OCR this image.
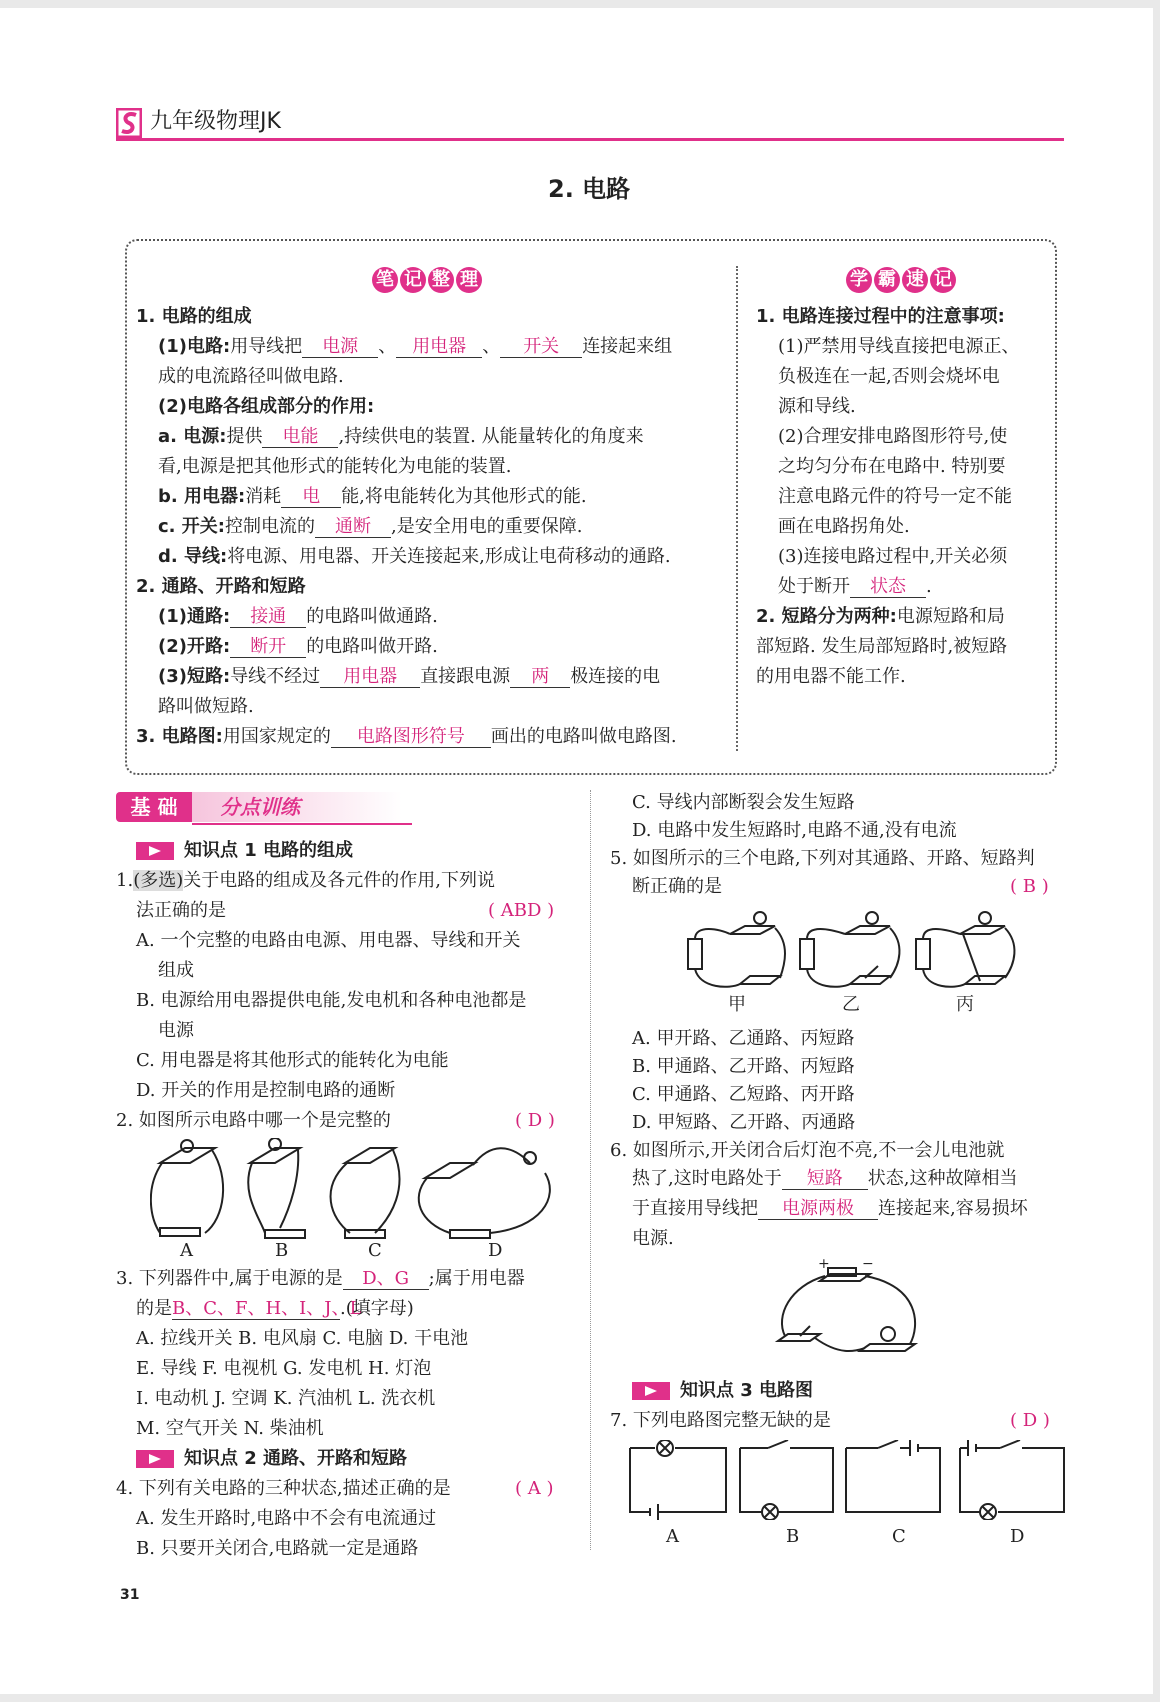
九年级物理JK
2. 电路
笔 记 整 理	学 霸 速 记
1. 电路的组成
(1)电路:用导线把 电源 、 用电器 、 开关 连接起来组
成的电流路径叫做电路.
(2)电路各组成部分的作用:
a. 电源:提供 电能 ,持续供电的装置. 从能量转化的角度来
看,电源是把其他形式的能转化为电能的装置.
b. 用电器:消耗 电 能,将电能转化为其他形式的能.
c. 开关:控制电流的 通断 ,是安全用电的重要保障.
d. 导线:将电源、用电器、开关连接起来,形成让电荷移动的通路.
2. 通路、开路和短路
(1)通路: 接通 的电路叫做通路.
(2)开路: 断开 的电路叫做开路.
(3)短路:导线不经过 用电器 直接跟电源 两 极连接的电
路叫做短路.
3. 电路图:用国家规定的 电路图形符号 画出的电路叫做电路图.
1. 电路连接过程中的注意事项:
(1)严禁用导线直接把电源正、
负极连在一起,否则会烧坏电
源和导线.
(2)合理安排电路图形符号,使
之均匀分布在电路中. 特别要
注意电路元件的符号一定不能
画在电路拐角处.
(3)连接电路过程中,开关必须
处于断开 状态 .
2. 短路分为两种:电源短路和局
部短路. 发生局部短路时,被短路
的用电器不能工作.
基 础	分点训练
知识点 1 电路的组成
1.(多选)关于电路的组成及各元件的作用,下列说
法正确的是	( ABD )
A. 一个完整的电路由电源、用电器、导线和开关
组成
B. 电源给用电器提供电能,发电机和各种电池都是
电源
C. 用电器是将其他形式的能转化为电能
D. 开关的作用是控制电路的通断
2. 如图所示电路中哪一个是完整的	( D )
A	B	C	D
3. 下列器件中,属于电源的是 D、G ;属于用电器
的是B、C、F、H、I、J、L.(填字母)
A. 拉线开关 B. 电风扇 C. 电脑 D. 干电池
E. 导线 F. 电视机 G. 发电机 H. 灯泡
I. 电动机 J. 空调 K. 汽油机 L. 洗衣机
M. 空气开关 N. 柴油机
知识点 2 通路、开路和短路
4. 下列有关电路的三种状态,描述正确的是	( A )
A. 发生开路时,电路中不会有电流通过
B. 只要开关闭合,电路就一定是通路
C. 导线内部断裂会发生短路
D. 电路中发生短路时,电路不通,没有电流
5. 如图所示的三个电路,下列对其通路、开路、短路判
断正确的是	( B )
甲	乙	丙
A. 甲开路、乙通路、丙短路
B. 甲通路、乙开路、丙短路
C. 甲通路、乙短路、丙开路
D. 甲短路、乙开路、丙通路
6. 如图所示,开关闭合后灯泡不亮,不一会儿电池就
热了,这时电路处于 短路 状态,这种故障相当
于直接用导线把 电源两极 连接起来,容易损坏
电源.
+ −
知识点 3 电路图
7. 下列电路图完整无缺的是	( D )
A	B	C	D
31
